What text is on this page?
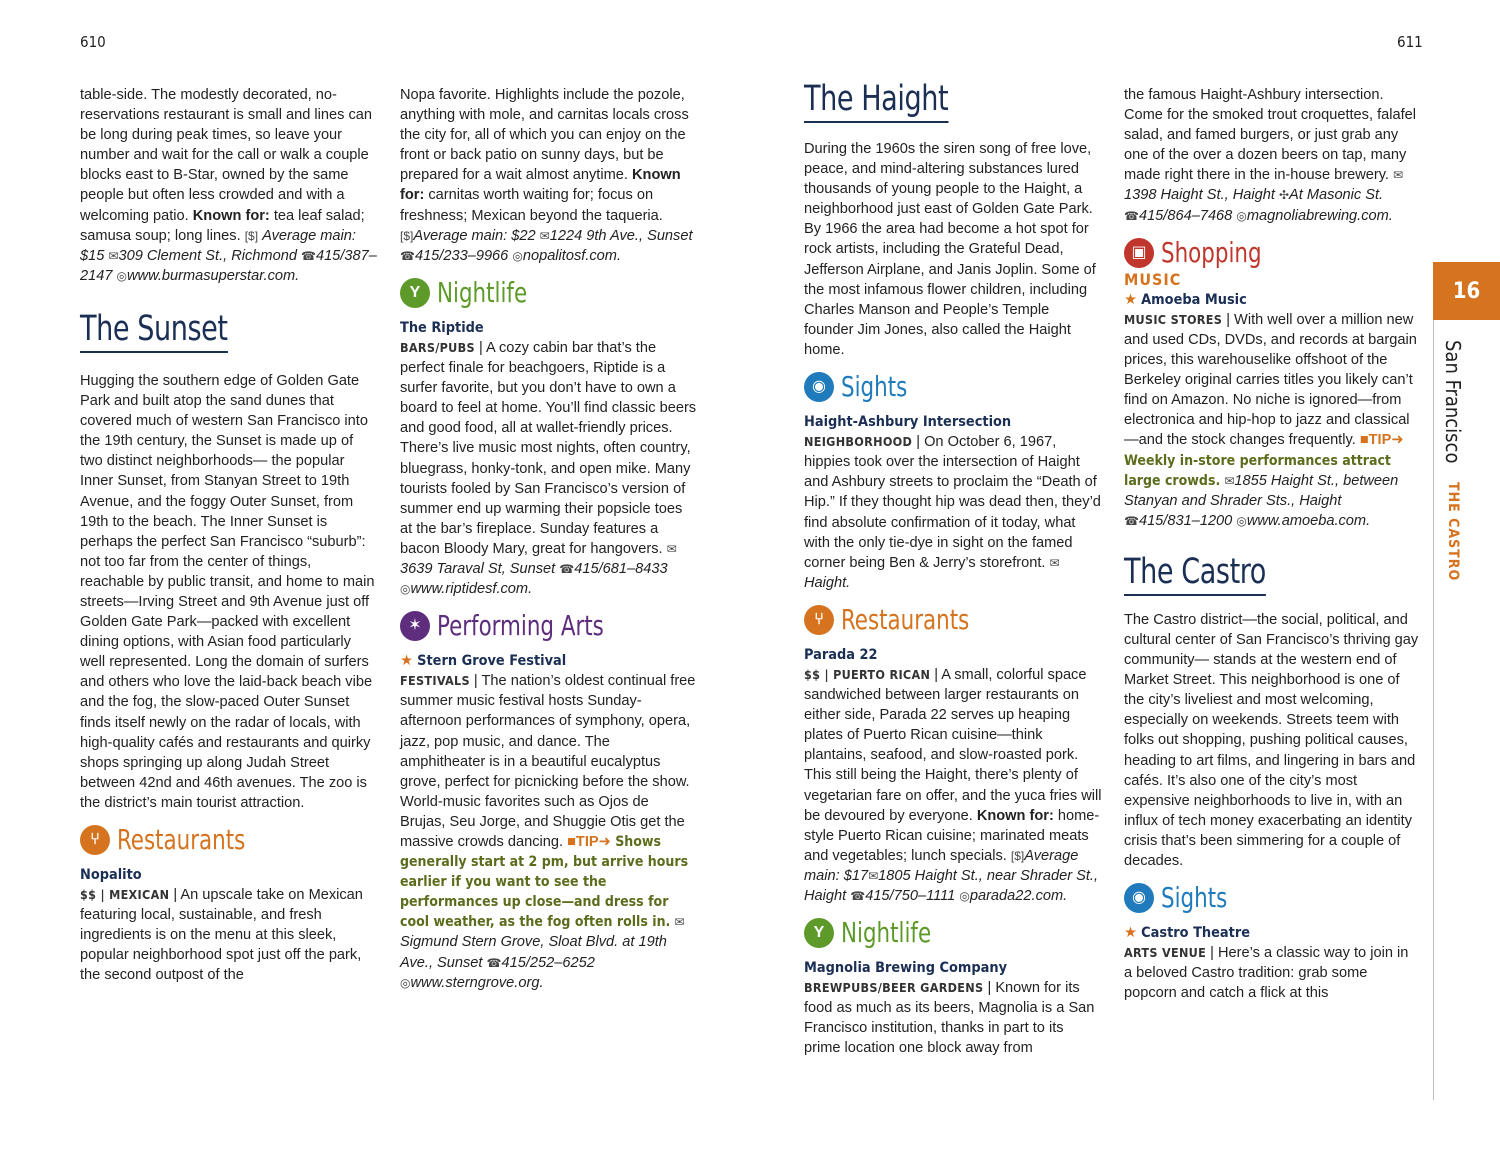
610	611

table-side. The modestly decorated, no-reservations restaurant is small and lines can be long during peak times, so leave your number and wait for the call or walk a couple blocks east to B-Star, owned by the same people but often less crowded and with a welcoming patio. Known for: tea leaf salad; samusa soup; long lines. [$] Average main: $15 ✉309 Clement St., Richmond ☎415/387–2147 ◎www.burmasuperstar.com.

The Sunset

Hugging the southern edge of Golden Gate Park and built atop the sand dunes that covered much of western San Francisco into the 19th century, the Sunset is made up of two distinct neighborhoods— the popular Inner Sunset, from Stanyan Street to 19th Avenue, and the foggy Outer Sunset, from 19th to the beach. The Inner Sunset is perhaps the perfect San Francisco “suburb”: not too far from the center of things, reachable by public transit, and home to main streets—Irving Street and 9th Avenue just off Golden Gate Park—packed with excellent dining options, with Asian food particularly well represented. Long the domain of surfers and others who love the laid-back beach vibe and the fog, the slow-paced Outer Sunset finds itself newly on the radar of locals, with high-quality cafés and restaurants and quirky shops springing up along Judah Street between 42nd and 46th avenues. The zoo is the district’s main tourist attraction.

⑂ Restaurants

Nopalito
$$ | MEXICAN | An upscale take on Mexican featuring local, sustainable, and fresh ingredients is on the menu at this sleek, popular neighborhood spot just off the park, the second outpost of the

Nopa favorite. Highlights include the pozole, anything with mole, and carnitas locals cross the city for, all of which you can enjoy on the front or back patio on sunny days, but be prepared for a wait almost anytime. Known for: carnitas worth waiting for; focus on freshness; Mexican beyond the taqueria. [$]Average main: $22 ✉1224 9th Ave., Sunset ☎415/233–9966 ◎nopalitosf.com.

Y Nightlife

The Riptide
BARS/PUBS | A cozy cabin bar that’s the perfect finale for beachgoers, Riptide is a surfer favorite, but you don’t have to own a board to feel at home. You’ll find classic beers and good food, all at wallet-friendly prices. There’s live music most nights, often country, bluegrass, honky-tonk, and open mike. Many tourists fooled by San Francisco’s version of summer end up warming their popsicle toes at the bar’s fireplace. Sunday features a bacon Bloody Mary, great for hangovers. ✉3639 Taraval St, Sunset ☎415/681–8433 ◎www.riptidesf.com.

✶ Performing Arts

★ Stern Grove Festival
FESTIVALS | The nation’s oldest continual free summer music festival hosts Sunday-afternoon performances of symphony, opera, jazz, pop music, and dance. The amphitheater is in a beautiful eucalyptus grove, perfect for picnicking before the show. World-music favorites such as Ojos de Brujas, Seu Jorge, and Shuggie Otis get the massive crowds dancing. ■TIP➜ Shows generally start at 2 pm, but arrive hours earlier if you want to see the performances up close—and dress for cool weather, as the fog often rolls in. ✉Sigmund Stern Grove, Sloat Blvd. at 19th Ave., Sunset ☎415/252–6252 ◎www.sterngrove.org.

The Haight

During the 1960s the siren song of free love, peace, and mind-altering substances lured thousands of young people to the Haight, a neighborhood just east of Golden Gate Park. By 1966 the area had become a hot spot for rock artists, including the Grateful Dead, Jefferson Airplane, and Janis Joplin. Some of the most infamous flower children, including Charles Manson and People’s Temple founder Jim Jones, also called the Haight home.

◉ Sights

Haight-Ashbury Intersection
NEIGHBORHOOD | On October 6, 1967, hippies took over the intersection of Haight and Ashbury streets to proclaim the “Death of Hip.” If they thought hip was dead then, they’d find absolute confirmation of it today, what with the only tie-dye in sight on the famed corner being Ben & Jerry’s storefront. ✉ Haight.

⑂ Restaurants

Parada 22
$$ | PUERTO RICAN | A small, colorful space sandwiched between larger restaurants on either side, Parada 22 serves up heaping plates of Puerto Rican cuisine—think plantains, seafood, and slow-roasted pork. This still being the Haight, there’s plenty of vegetarian fare on offer, and the yuca fries will be devoured by everyone. Known for: home-style Puerto Rican cuisine; marinated meats and vegetables; lunch specials. [$]Average main: $17✉1805 Haight St., near Shrader St., Haight ☎415/750–1111 ◎parada22.com.

Y Nightlife

Magnolia Brewing Company
BREWPUBS/BEER GARDENS | Known for its food as much as its beers, Magnolia is a San Francisco institution, thanks in part to its prime location one block away from

the famous Haight-Ashbury intersection. Come for the smoked trout croquettes, falafel salad, and famed burgers, or just grab any one of the over a dozen beers on tap, many made right there in the in-house brewery. ✉ 1398 Haight St., Haight ✣At Masonic St. ☎415/864–7468 ◎magnoliabrewing.com.

▣ Shopping
MUSIC

★ Amoeba Music
MUSIC STORES | With well over a million new and used CDs, DVDs, and records at bargain prices, this warehouselike offshoot of the Berkeley original carries titles you likely can’t find on Amazon. No niche is ignored—from electronica and hip-hop to jazz and classical—and the stock changes frequently. ■TIP➜ Weekly in-store performances attract large crowds. ✉1855 Haight St., between Stanyan and Shrader Sts., Haight ☎415/831–1200 ◎www.amoeba.com.

The Castro

The Castro district—the social, political, and cultural center of San Francisco’s thriving gay community— stands at the western end of Market Street. This neighborhood is one of the city’s liveliest and most welcoming, especially on weekends. Streets teem with folks out shopping, pushing political causes, heading to art films, and lingering in bars and cafés. It’s also one of the city’s most expensive neighborhoods to live in, with an influx of tech money exacerbating an identity crisis that’s been simmering for a couple of decades.

◉ Sights

★ Castro Theatre
ARTS VENUE | Here’s a classic way to join in a beloved Castro tradition: grab some popcorn and catch a flick at this

16
San Francisco THE CASTRO
